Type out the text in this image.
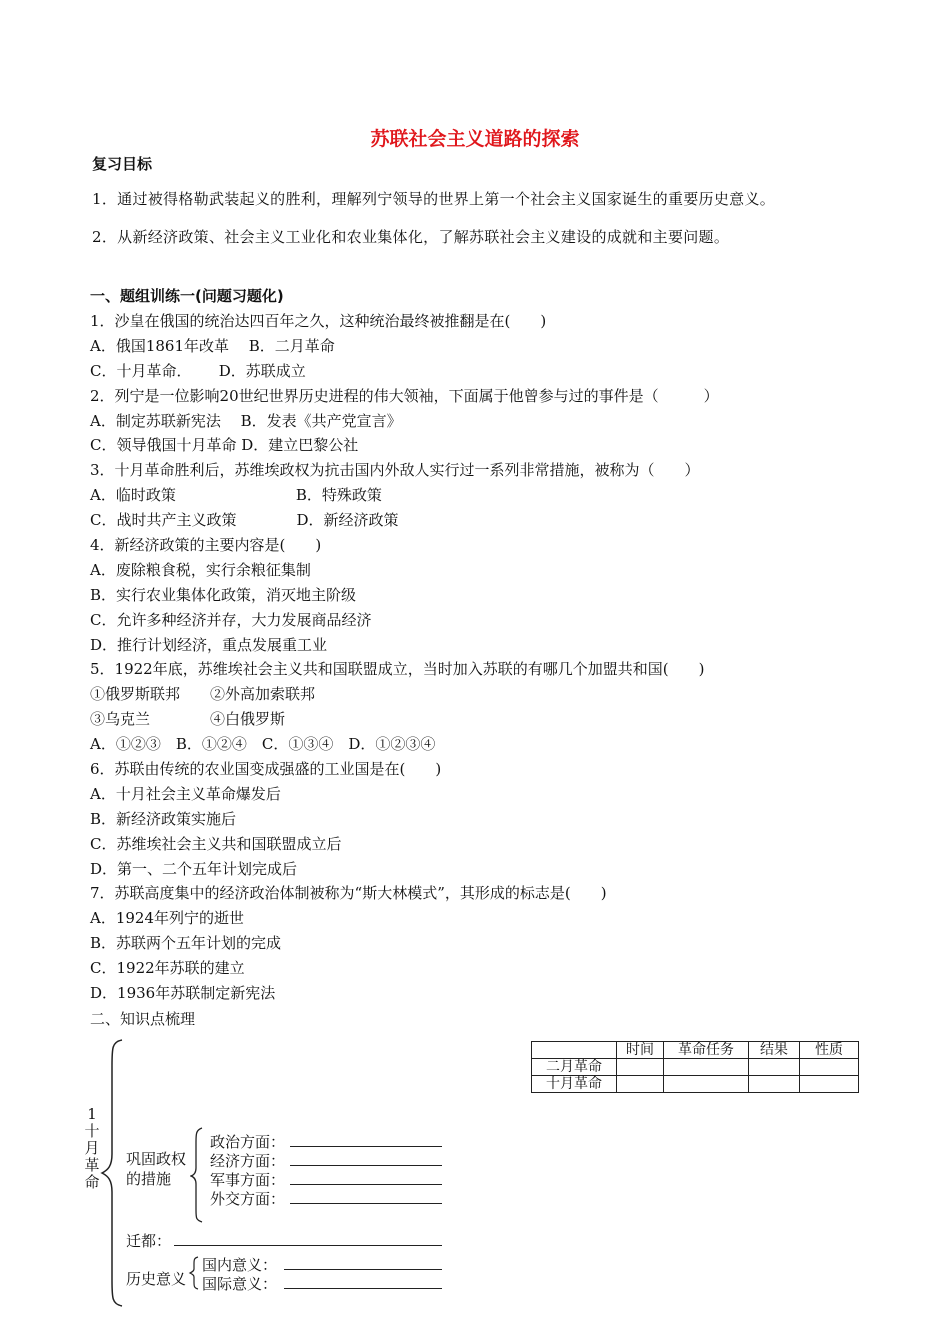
苏联社会主义道路的探索
复习目标
1．通过被得格勒武装起义的胜利，理解列宁领导的世界上第一个社会主义国家诞生的重要历史意义。
2．从新经济政策、社会主义工业化和农业集体化，了解苏联社会主义建设的成就和主要问题。
一、题组训练一(问题习题化)
1．沙皇在俄国的统治达四百年之久，这种统治最终被推翻是在(　　)
A．俄国1861年改革　 B．二月革命
C．十月革命．　　 D．苏联成立
2．列宁是一位影响20世纪世界历史进程的伟大领袖，下面属于他曾参与过的事件是（　　　）
A．制定苏联新宪法　 B．发表《共产党宣言》
C．领导俄国十月革命 D．建立巴黎公社
3．十月革命胜利后，苏维埃政权为抗击国内外敌人实行过一系列非常措施，被称为（　　）
A．临时政策　　　　　　　　B．特殊政策
C．战时共产主义政策　　　　D．新经济政策
4．新经济政策的主要内容是(　　)
A．废除粮食税，实行余粮征集制
B．实行农业集体化政策，消灭地主阶级
C．允许多种经济并存，大力发展商品经济
D．推行计划经济，重点发展重工业
5．1922年底，苏维埃社会主义共和国联盟成立，当时加入苏联的有哪几个加盟共和国(　　)
①俄罗斯联邦　　②外高加索联邦
③乌克兰　　　　④白俄罗斯
A．①②③　B．①②④　C．①③④　D．①②③④
6．苏联由传统的农业国变成强盛的工业国是在(　　)
A．十月社会主义革命爆发后
B．新经济政策实施后
C．苏维埃社会主义共和国联盟成立后
D．第一、二个五年计划完成后
7．苏联高度集中的经济政治体制被称为“斯大林模式”，其形成的标志是(　　)
A．1924年列宁的逝世
B．苏联两个五年计划的完成
C．1922年苏联的建立
D．1936年苏联制定新宪法
二、知识点梳理
1
十
月
革
命
	时间	革命任务	结果	性质
二月革命				
十月革命				
巩固政权
的措施
政治方面：
经济方面：
军事方面：
外交方面：
迁都：
历史意义
国内意义：
国际意义：
